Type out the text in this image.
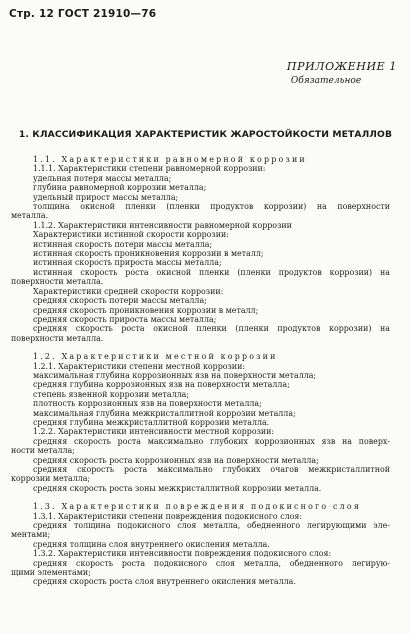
Стр. 12 ГОСТ 21910—76
ПРИЛОЖЕНИЕ 1
Обязательное
1. КЛАССИФИКАЦИЯ ХАРАКТЕРИСТИК ЖАРОСТОЙКОСТИ МЕТАЛЛОВ

1.1. Характеристики равномерной коррозии

1.1.1. Характеристики степени равномерной коррозии:

удельная потеря массы металла;

глубина равномерной коррозии металла;

удельный прирост массы металла;

толщина окисной пленки (пленки продуктов коррозии) на поверхности

металла.

1.1.2. Характеристики интенсивности равномерной коррозии

Характеристики истинной скорости коррозии:

истинная скорость потери массы металла;

истинная скорость проникновения коррозии в металл;

истинная скорость прироста массы металла;

истинная скорость роста окисной пленки (пленки продуктов коррозии) на

поверхности металла.

Характеристики средней скорости коррозии:

средняя скорость потери массы металла;

средняя скорость проникновения коррозии в металл;

средняя скорость прироста массы металла;

средняя скорость роста окисной пленки (пленки продуктов коррозии) на

поверхности металла.

1.2. Характеристики местной коррозии

1.2.1. Характеристики степени местной коррозии:

максимальная глубина коррозионных язв на поверхности металла;

средняя глубина коррозионных язв на поверхности металла;

степень язвенной коррозии металла;

плотность коррозионных язв на поверхности металла;

максимальная глубина межкристаллитной коррозии металла;

средняя глубина межкристаллитной коррозии металла.

1.2.2. Характеристики интенсивности местной коррозии:

средняя скорость роста максимально глубоких коррозионных язв на поверх-

ности металла;

средняя скорость роста коррозионных язв на поверхности металла;

средняя скорость роста максимально глубоких очагов межкристаллитной

коррозии металла;

средняя скорость роста зоны межкристаллитной коррозии металла.

1.3. Характеристики повреждения подокисного слоя

1.3.1. Характеристики степени повреждения подокисного слоя:

средняя толщина подокисного слоя металла, обедненного легирующими эле-

ментами;

средняя толщина слоя внутреннего окисления металла.

1.3.2. Характеристики интенсивности повреждения подокисного слоя:

средняя скорость роста подокисного слоя металла, обедненного легирую-

щими элементами;

средняя скорость роста слоя внутреннего окисления металла.
